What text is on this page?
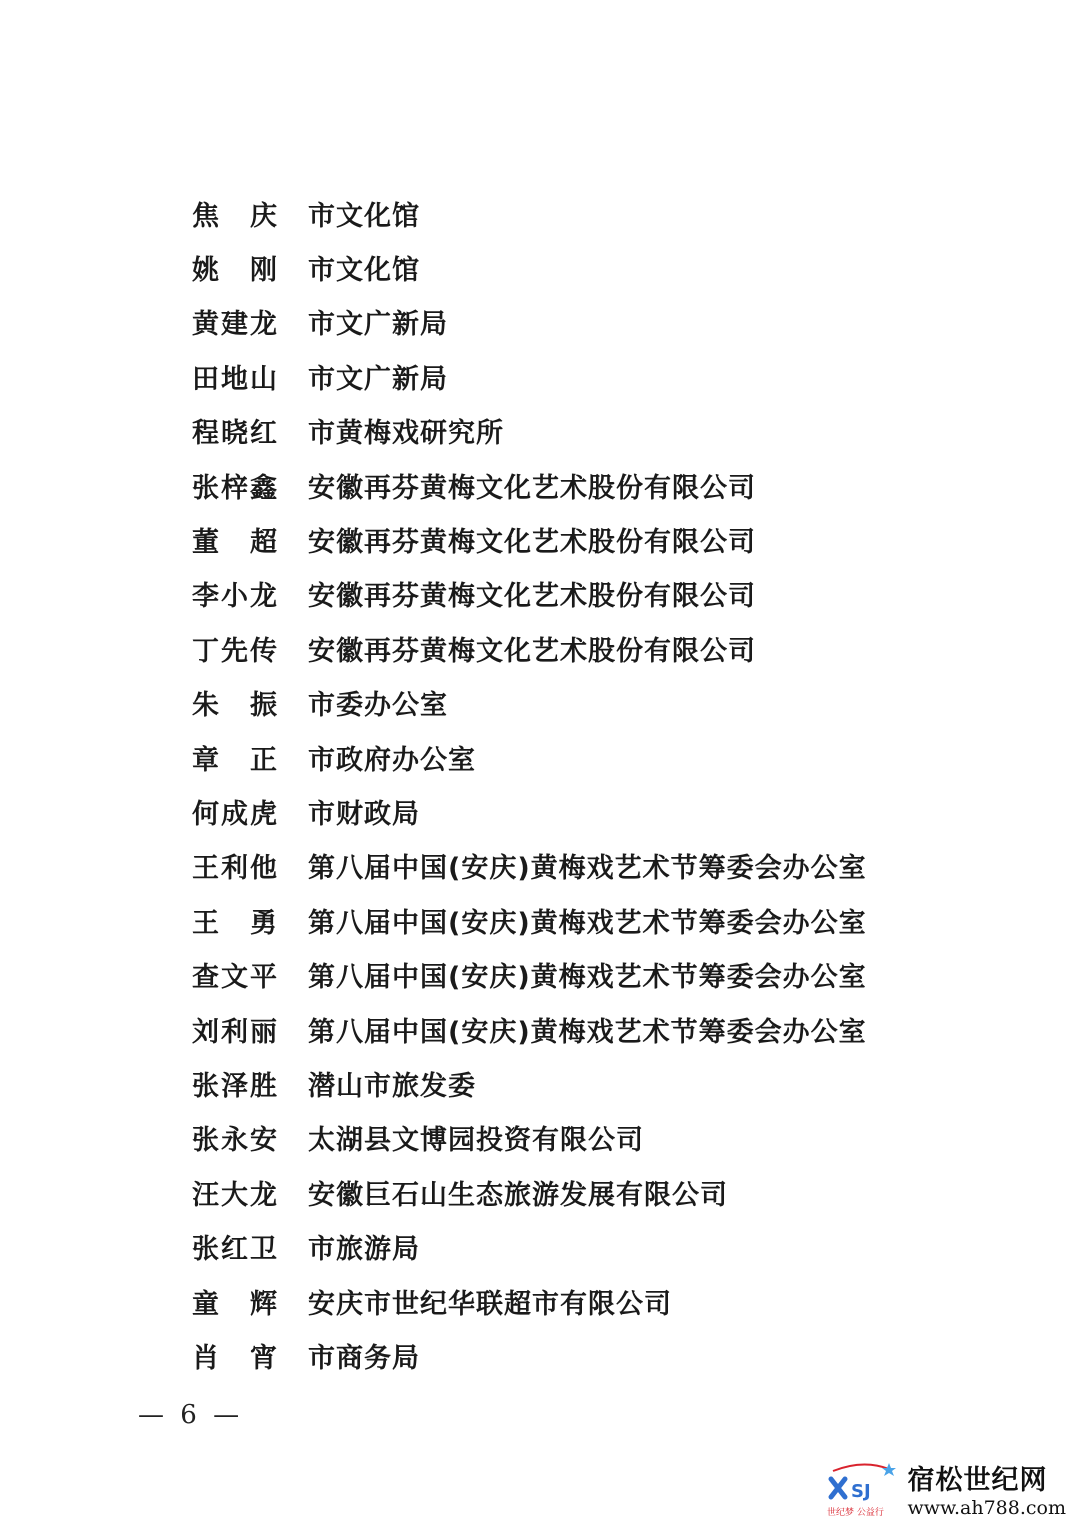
焦 庆 市文化馆
姚 刚 市文化馆
黄 建 龙 市文广新局
田 地 山 市文广新局
程 晓 红 市黄梅戏研究所
张 梓 鑫 安徽再芬黄梅文化艺术股份有限公司
董 超 安徽再芬黄梅文化艺术股份有限公司
李 小 龙 安徽再芬黄梅文化艺术股份有限公司
丁 先 传 安徽再芬黄梅文化艺术股份有限公司
朱 振 市委办公室
章 正 市政府办公室
何 成 虎 市财政局
王 利 他 第八届中国(安庆)黄梅戏艺术节筹委会办公室
王 勇 第八届中国(安庆)黄梅戏艺术节筹委会办公室
查 文 平 第八届中国(安庆)黄梅戏艺术节筹委会办公室
刘 利 丽 第八届中国(安庆)黄梅戏艺术节筹委会办公室
张 泽 胜 潜山市旅发委
张 永 安 太湖县文博园投资有限公司
汪 大 龙 安徽巨石山生态旅游发展有限公司
张 红 卫 市旅游局
童 辉 安庆市世纪华联超市有限公司
肖 宵 市商务局
— 6 —
SJ
世纪梦 公益行
宿松世纪网
www.ah788.com
